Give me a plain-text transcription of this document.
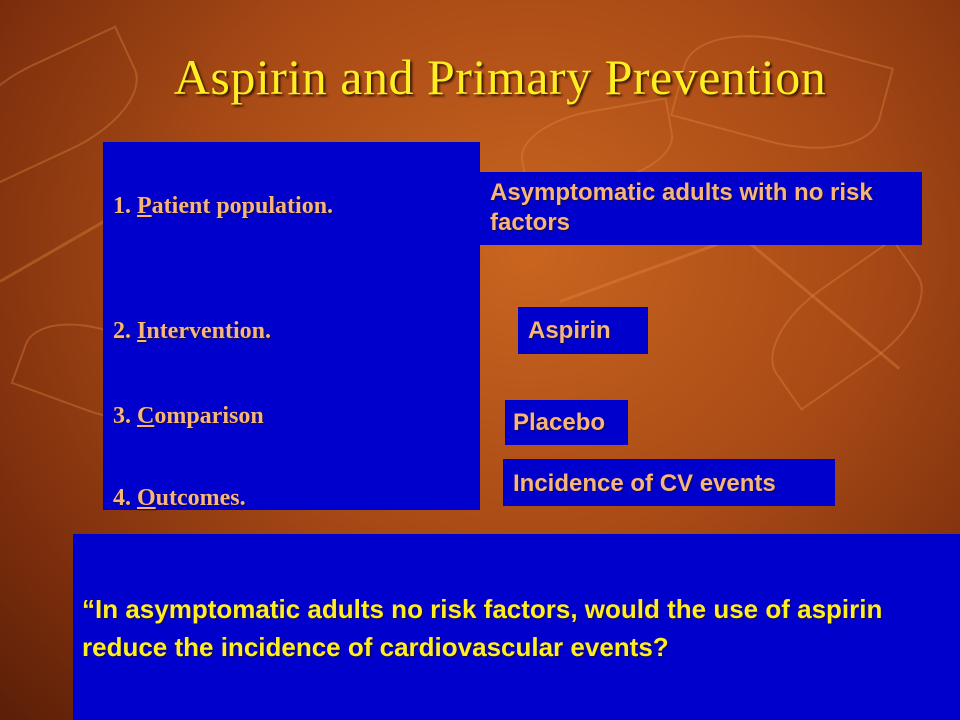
Aspirin and Primary Prevention
1. Patient population.
2. Intervention.
3. Comparison
4. Outcomes.
Asymptomatic adults with no risk factors
Aspirin
Placebo
Incidence of CV events
“In asymptomatic adults no risk factors, would the use of aspirin reduce the incidence of cardiovascular events?
